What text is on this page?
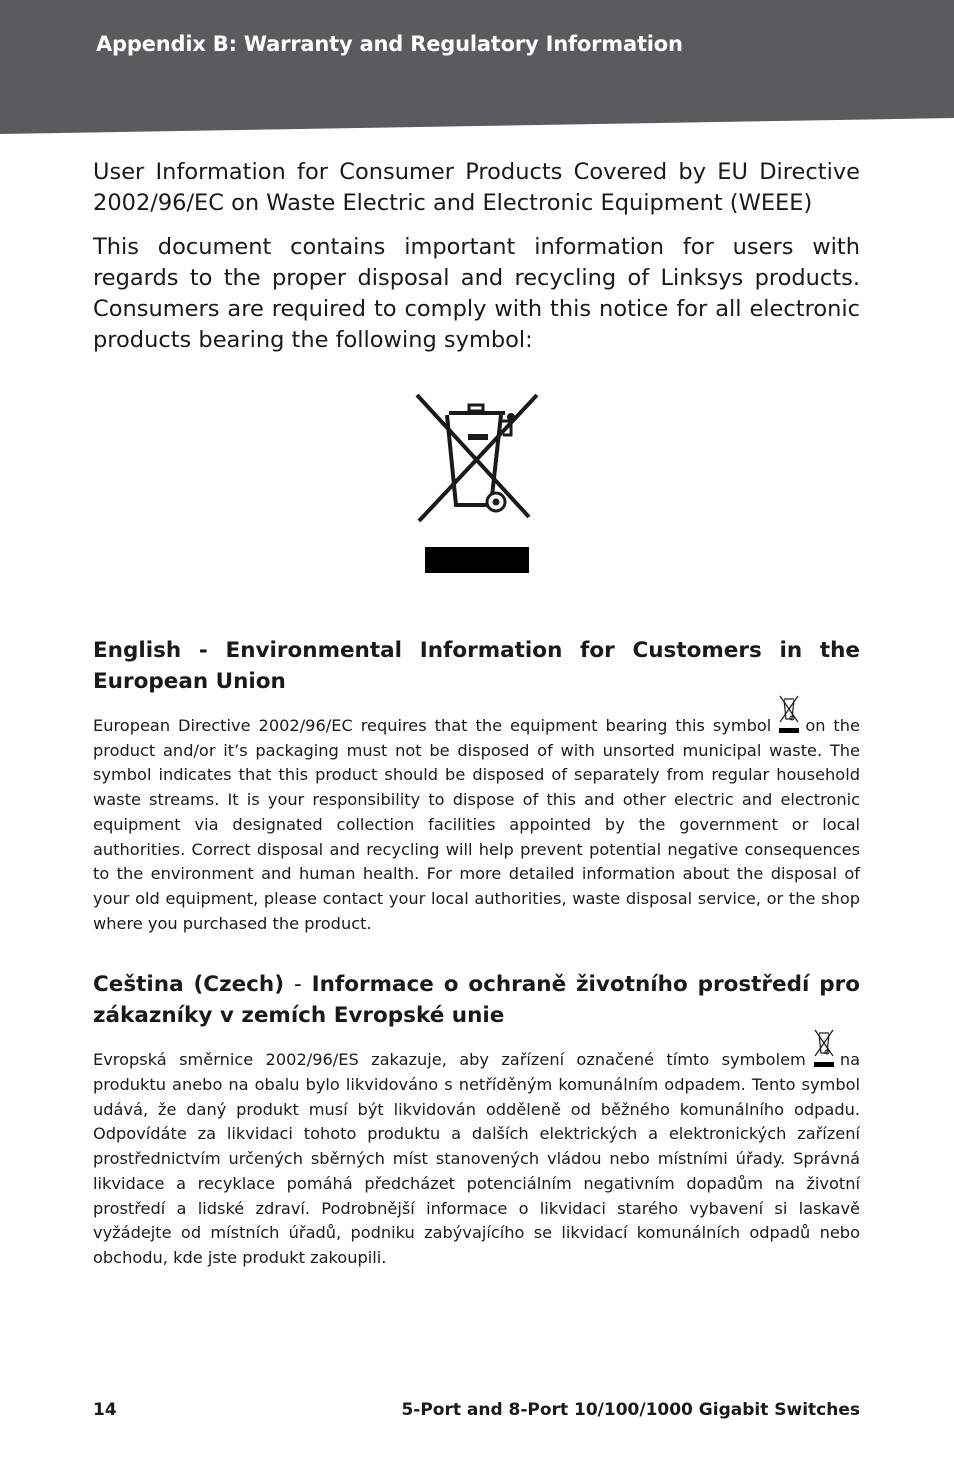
Appendix B: Warranty and Regulatory Information

User Information for Consumer Products Covered by EU Directive 2002/96/EC on Waste Electric and Electronic Equipment (WEEE)

This document contains important information for users with regards to the proper disposal and recycling of Linksys products. Consumers are required to comply with this notice for all electronic products bearing the following symbol:

English - Environmental Information for Customers in the European Union

European Directive 2002/96/EC requires that the equipment bearing this symbol on the product and/or it’s packaging must not be disposed of with unsorted municipal waste. The symbol indicates that this product should be disposed of separately from regular household waste streams. It is your responsibility to dispose of this and other electric and electronic equipment via designated collection facilities appointed by the government or local authorities. Correct disposal and recycling will help prevent potential negative consequences to the environment and human health. For more detailed information about the disposal of your old equipment, please contact your local authorities, waste disposal service, or the shop where you purchased the product.

Ceština (Czech) - Informace o ochraně životního prostředí pro zákazníky v zemích Evropské unie

Evropská směrnice 2002/96/ES zakazuje, aby zařízení označené tímto symbolem na produktu anebo na obalu bylo likvidováno s netříděným komunálním odpadem. Tento symbol udává, že daný produkt musí být likvidován odděleně od běžného komunálního odpadu. Odpovídáte za likvidaci tohoto produktu a dalších elektrických a elektronických zařízení prostřednictvím určených sběrných míst stanovených vládou nebo místními úřady. Správná likvidace a recyklace pomáhá předcházet potenciálním negativním dopadům na životní prostředí a lidské zdraví. Podrobnější informace o likvidaci starého vybavení si laskavě vyžádejte od místních úřadů, podniku zabývajícího se likvidací komunálních odpadů nebo obchodu, kde jste produkt zakoupili.

14	5-Port and 8-Port 10/100/1000 Gigabit Switches
